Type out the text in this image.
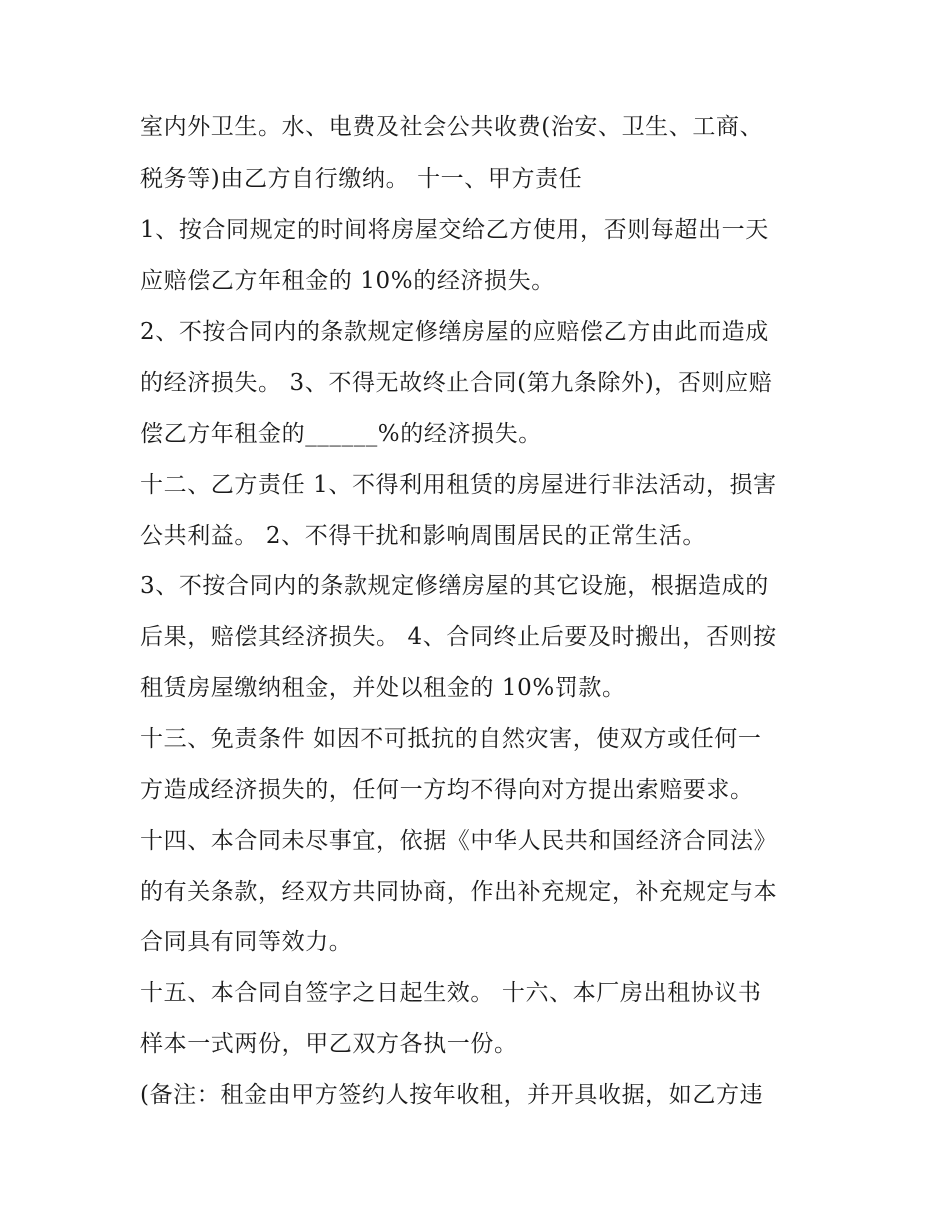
室内外卫生。水、电费及社会公共收费(治安、卫生、工商、
税务等)由乙方自行缴纳。 十一、甲方责任
1、按合同规定的时间将房屋交给乙方使用，否则每超出一天
应赔偿乙方年租金的 10%的经济损失。
2、不按合同内的条款规定修缮房屋的应赔偿乙方由此而造成
的经济损失。 3、不得无故终止合同(第九条除外)，否则应赔
偿乙方年租金的______%的经济损失。
十二、乙方责任 1、不得利用租赁的房屋进行非法活动，损害
公共利益。 2、不得干扰和影响周围居民的正常生活。
3、不按合同内的条款规定修缮房屋的其它设施，根据造成的
后果，赔偿其经济损失。 4、合同终止后要及时搬出，否则按
租赁房屋缴纳租金，并处以租金的 10%罚款。
十三、免责条件 如因不可抵抗的自然灾害，使双方或任何一
方造成经济损失的，任何一方均不得向对方提出索赔要求。
十四、本合同未尽事宜，依据《中华人民共和国经济合同法》
的有关条款，经双方共同协商，作出补充规定，补充规定与本
合同具有同等效力。
十五、本合同自签字之日起生效。 十六、本厂房出租协议书
样本一式两份，甲乙双方各执一份。
(备注：租金由甲方签约人按年收租，并开具收据，如乙方违
